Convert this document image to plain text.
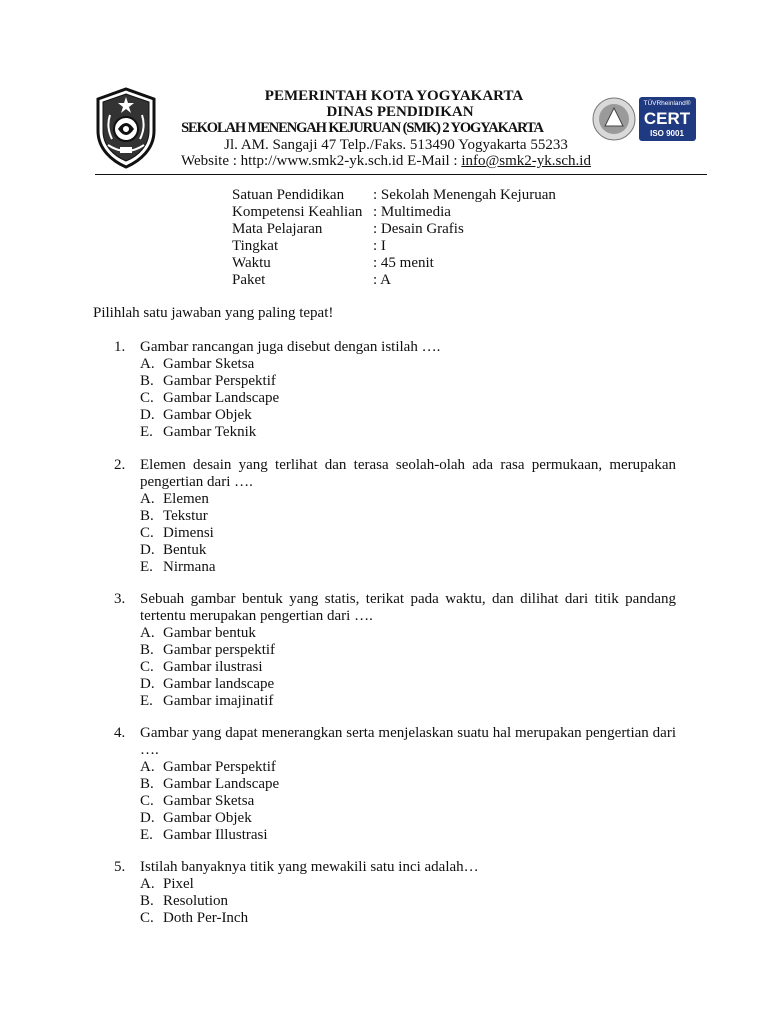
PEMERINTAH KOTA YOGYAKARTA
DINAS PENDIDIKAN
SEKOLAH MENENGAH KEJURUAN (SMK) 2 YOGYAKARTA
Jl. AM. Sangaji 47 Telp./Faks. 513490 Yogyakarta 55233
Website : http://www.smk2-yk.sch.id E-Mail : info@smk2-yk.sch.id
TÜVRheinland®
CERT
ISO 9001
Satuan Pendidikan	: Sekolah Menengah Kejuruan
Kompetensi Keahlian : Multimedia
Mata Pelajaran	: Desain Grafis
Tingkat	: I
Waktu	: 45 menit
Paket	: A
Pilihlah satu jawaban yang paling tepat!
1. Gambar rancangan juga disebut dengan istilah ….
A. Gambar Sketsa
B. Gambar Perspektif
C. Gambar Landscape
D. Gambar Objek
E. Gambar Teknik
2. Elemen desain yang terlihat dan terasa seolah-olah ada rasa permukaan, merupakan pengertian dari ….
A. Elemen
B. Tekstur
C. Dimensi
D. Bentuk
E. Nirmana
3. Sebuah gambar bentuk yang statis, terikat pada waktu, dan dilihat dari titik pandang tertentu merupakan pengertian dari ….
A. Gambar bentuk
B. Gambar perspektif
C. Gambar ilustrasi
D. Gambar landscape
E. Gambar imajinatif
4. Gambar yang dapat menerangkan serta menjelaskan suatu hal merupakan pengertian dari ….
A. Gambar Perspektif
B. Gambar Landscape
C. Gambar Sketsa
D. Gambar Objek
E. Gambar Illustrasi
5. Istilah banyaknya titik yang mewakili satu inci adalah…
A. Pixel
B. Resolution
C. Doth Per-Inch
